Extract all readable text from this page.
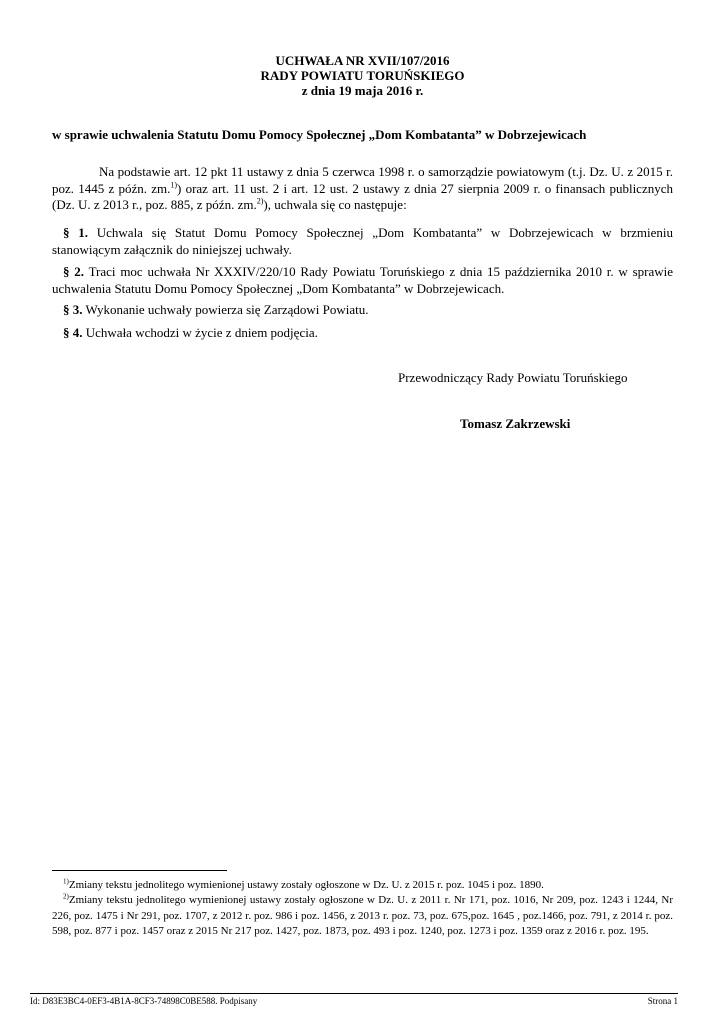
UCHWAŁA NR XVII/107/2016
RADY POWIATU TORUŃSKIEGO
z dnia 19 maja 2016 r.
w sprawie uchwalenia Statutu Domu Pomocy Społecznej „Dom Kombatanta” w Dobrzejewicach
Na podstawie art. 12 pkt 11 ustawy z dnia 5 czerwca 1998 r. o samorządzie powiatowym (t.j. Dz. U. z 2015 r. poz. 1445 z późn. zm.$^{1)}$) oraz art. 11 ust. 2 i art. 12 ust. 2 ustawy z dnia 27 sierpnia 2009 r. o finansach publicznych (Dz. U. z 2013 r., poz. 885, z późn. zm.$^{2)}$), uchwala się co następuje:
§ 1. Uchwala się Statut Domu Pomocy Społecznej „Dom Kombatanta” w Dobrzejewicach w brzmieniu stanowiącym załącznik do niniejszej uchwały.
§ 2. Traci moc uchwała Nr XXXIV/220/10 Rady Powiatu Toruńskiego z dnia 15 października 2010 r. w sprawie uchwalenia Statutu Domu Pomocy Społecznej „Dom Kombatanta” w Dobrzejewicach.
§ 3. Wykonanie uchwały powierza się Zarządowi Powiatu.
§ 4. Uchwała wchodzi w życie z dniem podjęcia.
Przewodniczący Rady Powiatu Toruńskiego
Tomasz Zakrzewski
$^{1)}$Zmiany tekstu jednolitego wymienionej ustawy zostały ogłoszone w Dz. U. z 2015 r. poz. 1045 i poz. 1890.
$^{2)}$Zmiany tekstu jednolitego wymienionej ustawy zostały ogłoszone w Dz. U. z 2011 r. Nr 171, poz. 1016, Nr 209, poz. 1243 i 1244, Nr 226, poz. 1475 i Nr 291, poz. 1707, z 2012 r. poz. 986 i poz. 1456, z 2013 r. poz. 73, poz. 675,poz. 1645 , poz.1466, poz. 791, z 2014 r. poz. 598, poz. 877 i poz. 1457 oraz z 2015 Nr 217 poz. 1427, poz. 1873, poz. 493 i poz. 1240, poz. 1273 i poz. 1359 oraz z 2016 r. poz. 195.
Id: D83E3BC4-0EF3-4B1A-8CF3-74898C0BE588. Podpisany	Strona 1
